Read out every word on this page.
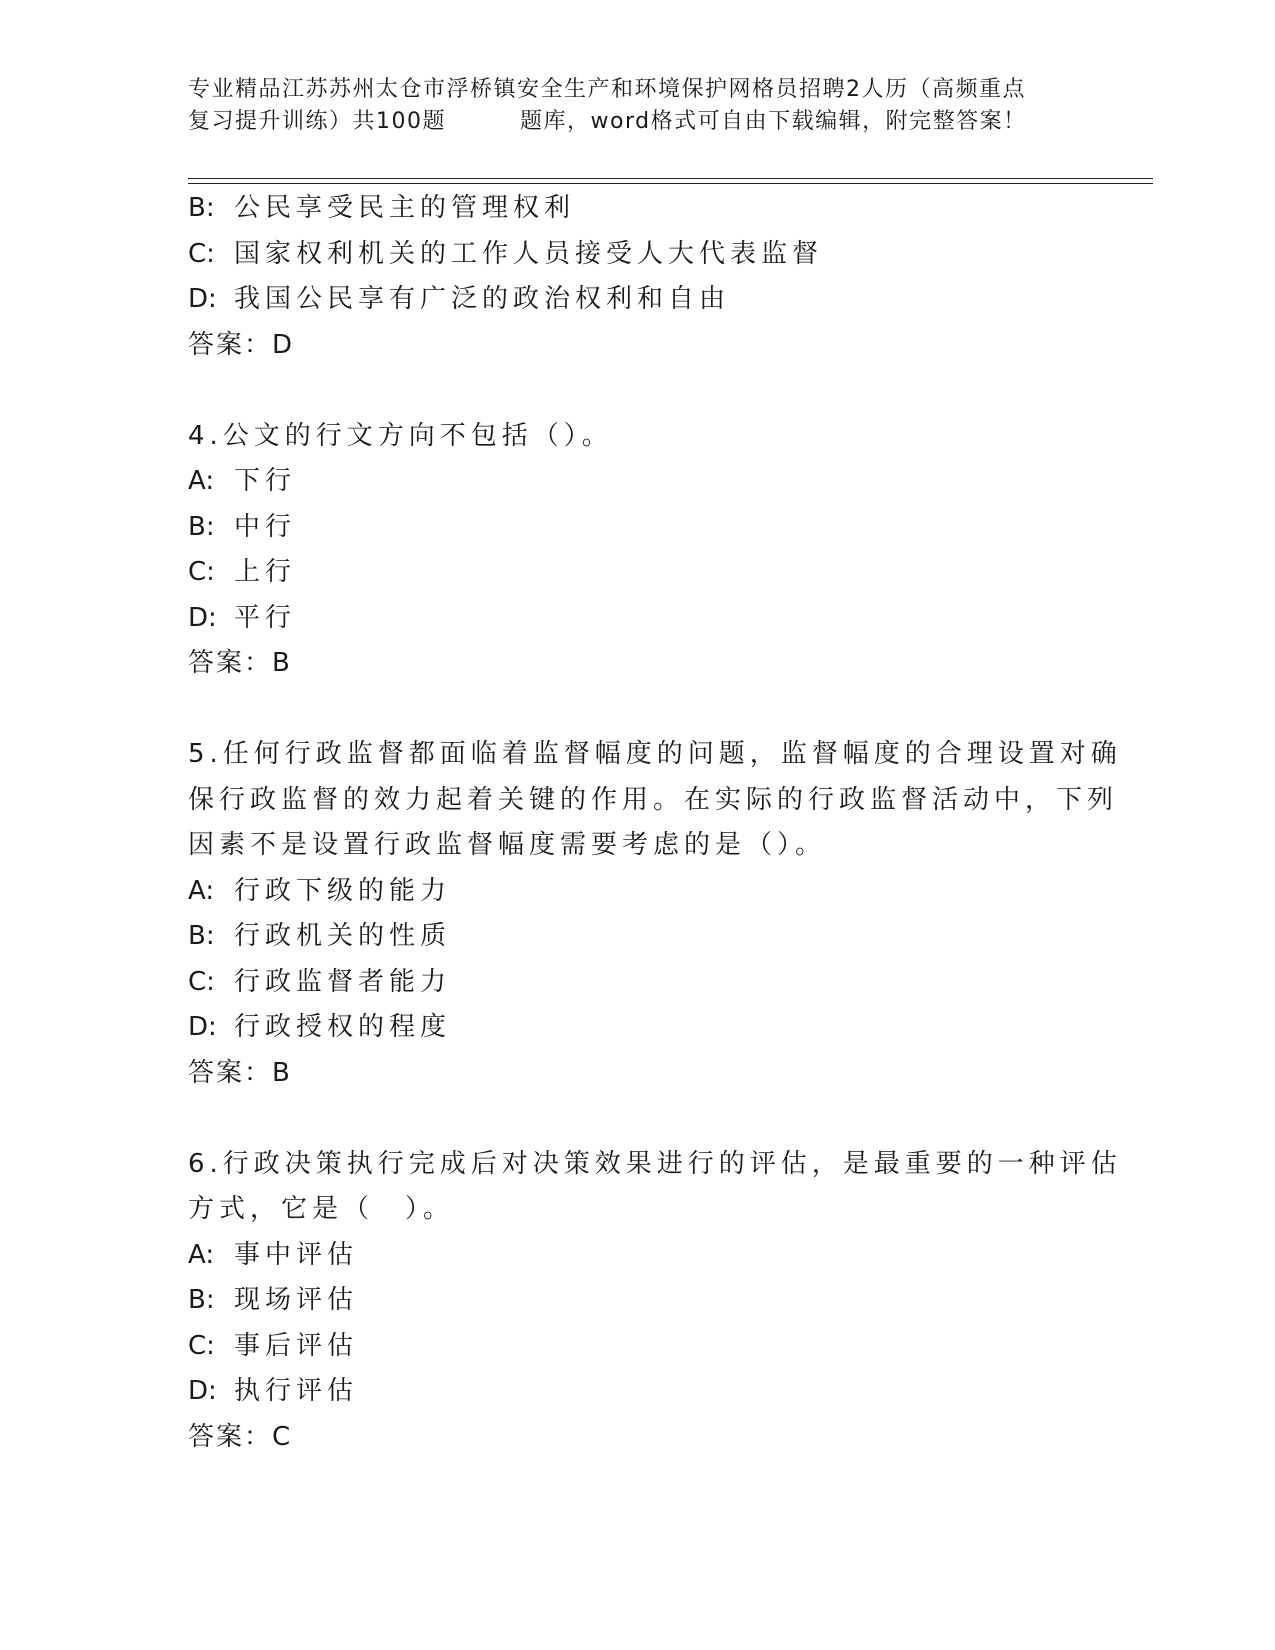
专业精品江苏苏州太仓市浮桥镇安全生产和环境保护网格员招聘2人历（高频重点
复习提升训练）共100题	题库，word格式可自由下载编辑，附完整答案！
B: 公民享受民主的管理权利
C: 国家权利机关的工作人员接受人大代表监督
D: 我国公民享有广泛的政治权利和自由
答案：D
4.公文的行文方向不包括（）。
A: 下行
B: 中行
C: 上行
D: 平行
答案：B
5.任何行政监督都面临着监督幅度的问题，监督幅度的合理设置对确
保行政监督的效力起着关键的作用。在实际的行政监督活动中，下列
因素不是设置行政监督幅度需要考虑的是（）。
A: 行政下级的能力
B: 行政机关的性质
C: 行政监督者能力
D: 行政授权的程度
答案：B
6.行政决策执行完成后对决策效果进行的评估，是最重要的一种评估
方式，它是（　）。
A: 事中评估
B: 现场评估
C: 事后评估
D: 执行评估
答案：C
